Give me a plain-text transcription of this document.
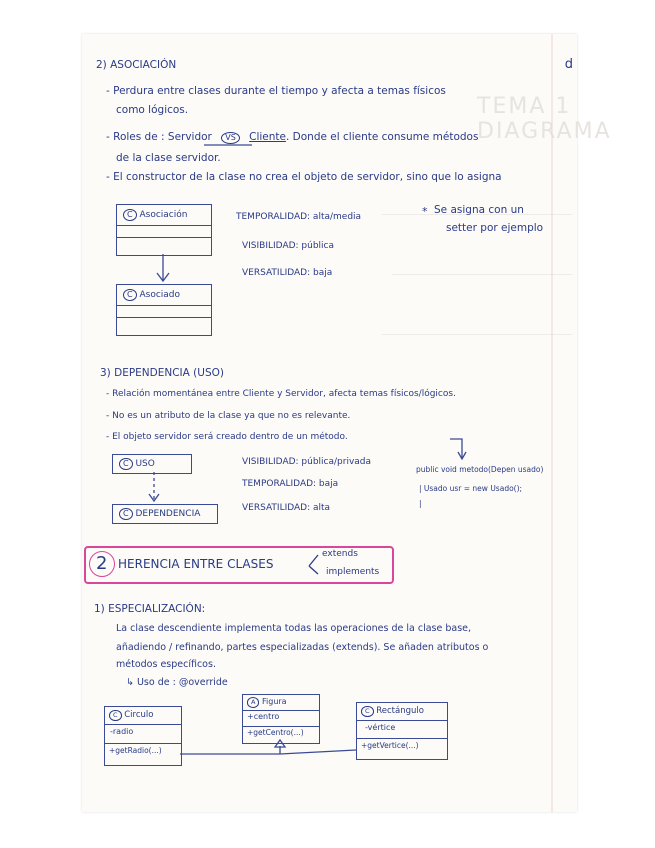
TEMA 1 DIAGRAMA
d
2) ASOCIACIÓN
- Perdura entre clases durante el tiempo y afecta a temas físicos
como lógicos.
- Roles de : Servidor VS Cliente. Donde el cliente consume métodos
de la clase servidor.
- El constructor de la clase no crea el objeto de servidor, sino que lo asigna
C Asociación
C Asociado
TEMPORALIDAD: alta/media
VISIBILIDAD: pública
VERSATILIDAD: baja
* Se asigna con un
setter por ejemplo
3) DEPENDENCIA (USO)
- Relación momentánea entre Cliente y Servidor, afecta temas físicos/lógicos.
- No es un atributo de la clase ya que no es relevante.
- El objeto servidor será creado dentro de un método.
C USO
C DEPENDENCIA
VISIBILIDAD: pública/privada
TEMPORALIDAD: baja
VERSATILIDAD: alta
public void metodo(Depen usado)
| Usado usr = new Usado();
|
2 HERENCIA ENTRE CLASES
extends
implements
1) ESPECIALIZACIÓN:
La clase descendiente implementa todas las operaciones de la clase base,
añadiendo / refinando, partes especializadas (extends). Se añaden atributos o
métodos específicos.
↳ Uso de : @override
A Figura
+centro
+getCentro(...)
C Circulo
-radio
+getRadio(...)
C Rectángulo
-vértice
+getVertice(...)
